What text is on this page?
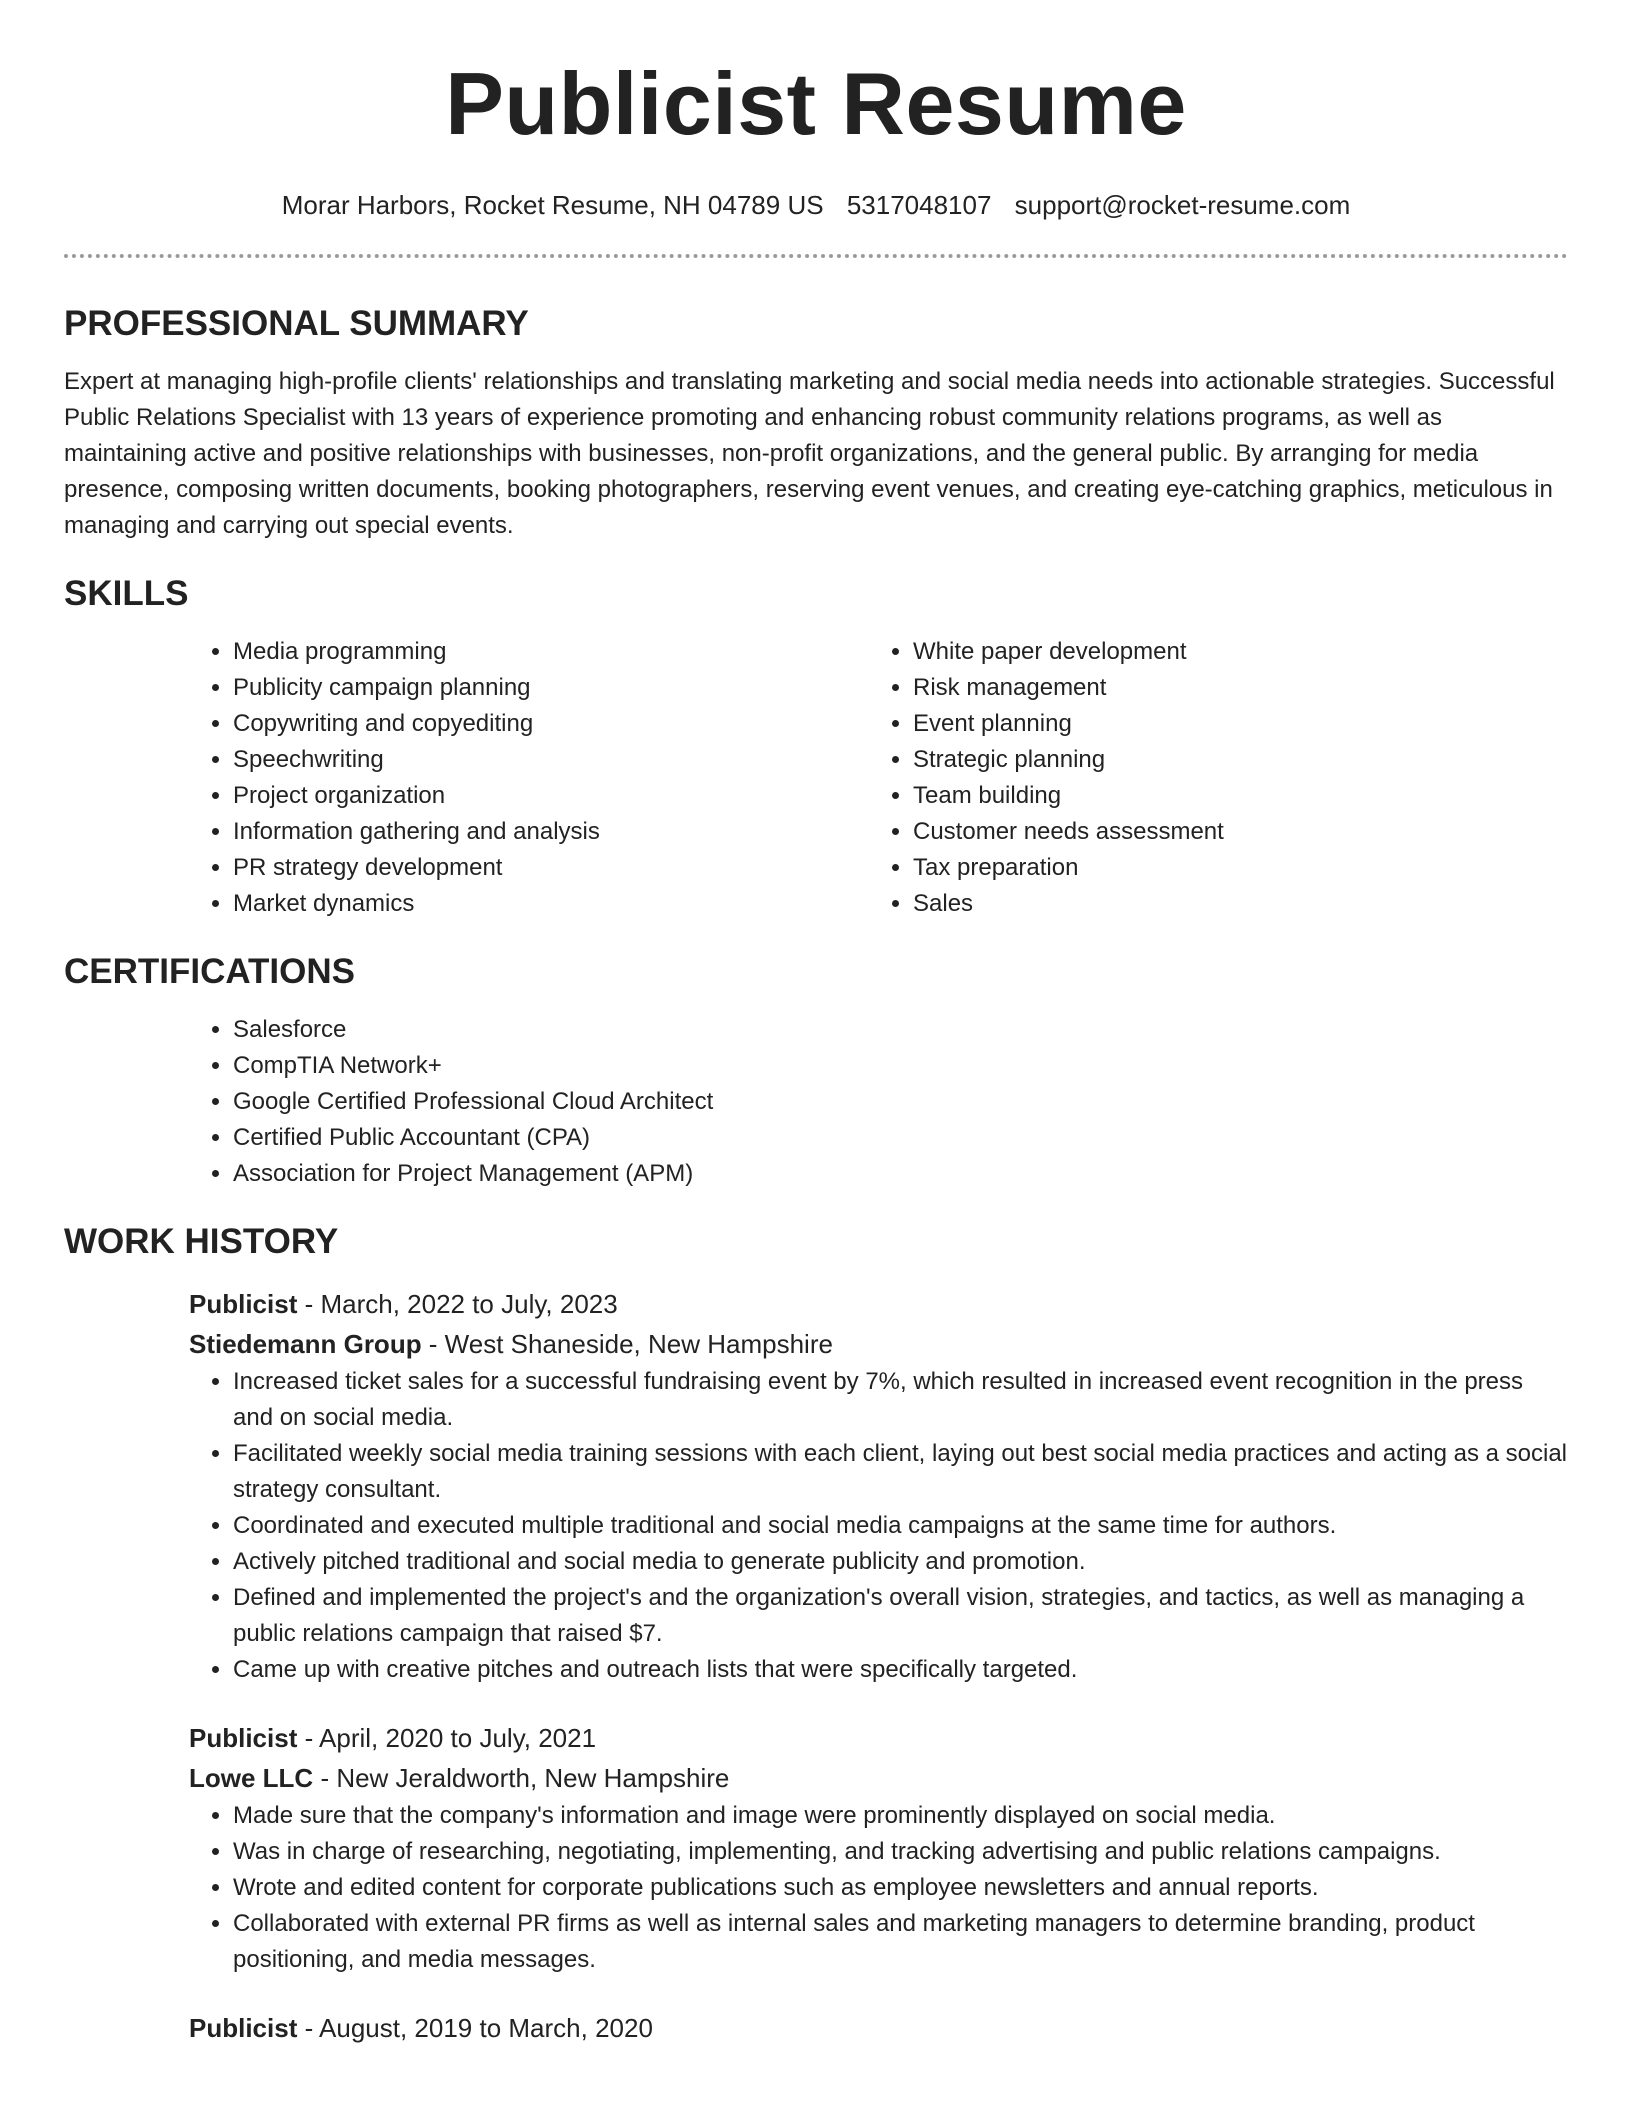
Publicist Resume
Morar Harbors, Rocket Resume, NH 04789 US 5317048107 support@rocket-resume.com
PROFESSIONAL SUMMARY

Expert at managing high-profile clients' relationships and translating marketing and social media needs into actionable strategies. Successful Public Relations Specialist with 13 years of experience promoting and enhancing robust community relations programs, as well as maintaining active and positive relationships with businesses, non-profit organizations, and the general public. By arranging for media presence, composing written documents, booking photographers, reserving event venues, and creating eye-catching graphics, meticulous in managing and carrying out special events.

SKILLS
• Media programming
• Publicity campaign planning
• Copywriting and copyediting
• Speechwriting
• Project organization
• Information gathering and analysis
• PR strategy development
• Market dynamics
• White paper development
• Risk management
• Event planning
• Strategic planning
• Team building
• Customer needs assessment
• Tax preparation
• Sales
CERTIFICATIONS
• Salesforce
• CompTIA Network+
• Google Certified Professional Cloud Architect
• Certified Public Accountant (CPA)
• Association for Project Management (APM)
WORK HISTORY
Publicist - March, 2022 to July, 2023
Stiedemann Group - West Shaneside, New Hampshire
• Increased ticket sales for a successful fundraising event by 7%, which resulted in increased event recognition in the press and on social media.
• Facilitated weekly social media training sessions with each client, laying out best social media practices and acting as a social strategy consultant.
• Coordinated and executed multiple traditional and social media campaigns at the same time for authors.
• Actively pitched traditional and social media to generate publicity and promotion.
• Defined and implemented the project's and the organization's overall vision, strategies, and tactics, as well as managing a public relations campaign that raised $7.
• Came up with creative pitches and outreach lists that were specifically targeted.
Publicist - April, 2020 to July, 2021
Lowe LLC - New Jeraldworth, New Hampshire
• Made sure that the company's information and image were prominently displayed on social media.
• Was in charge of researching, negotiating, implementing, and tracking advertising and public relations campaigns.
• Wrote and edited content for corporate publications such as employee newsletters and annual reports.
• Collaborated with external PR firms as well as internal sales and marketing managers to determine branding, product positioning, and media messages.
Publicist - August, 2019 to March, 2020
